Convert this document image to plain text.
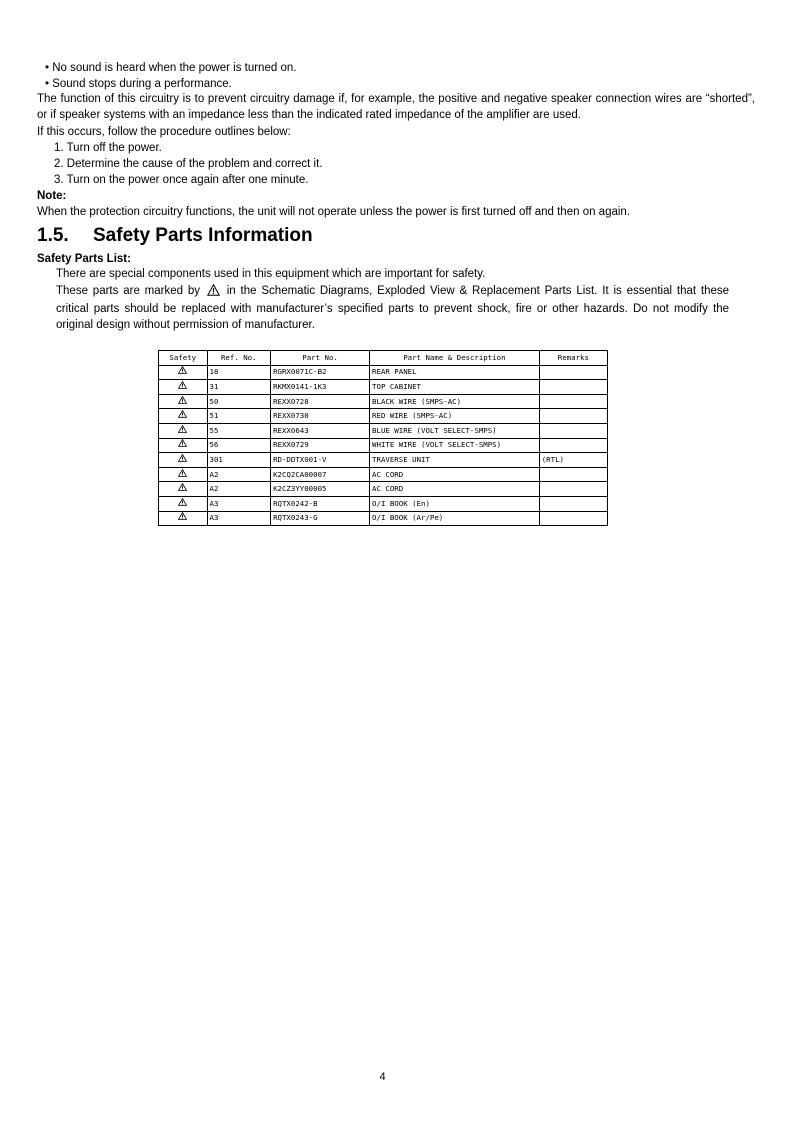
• No sound is heard when the power is turned on.
• Sound stops during a performance.
The function of this circuitry is to prevent circuitry damage if, for example, the positive and negative speaker connection wires are “shorted”, or if speaker systems with an impedance less than the indicated rated impedance of the amplifier are used.
If this occurs, follow the procedure outlines below:
1. Turn off the power.
2. Determine the cause of the problem and correct it.
3. Turn on the power once again after one minute.
Note:
When the protection circuitry functions, the unit will not operate unless the power is first turned off and then on again.
1.5. Safety Parts Information
Safety Parts List:
There are special components used in this equipment which are important for safety.
These parts are marked by in the Schematic Diagrams, Exploded View & Replacement Parts List. It is essential that these critical parts should be replaced with manufacturer’s specified parts to prevent shock, fire or other hazards. Do not modify the original design without permission of manufacturer.
Safety	Ref. No.	Part No.	Part Name & Description	Remarks
	18	RGRX0071C-B2	REAR PANEL	
	31	RKMX0141-1K3	TOP CABINET	
	50	REXX0728	BLACK WIRE (SMPS-AC)	
	51	REXX0730	RED WIRE (SMPS-AC)	
	55	REXX0643	BLUE WIRE (VOLT SELECT-SMPS)	
	56	REXX0729	WHITE WIRE (VOLT SELECT-SMPS)	
	301	RD-DDTX001-V	TRAVERSE UNIT	(RTL)
	A2	K2CQ2CA00007	AC CORD	
	A2	K2CZ3YY00005	AC CORD	
	A3	RQTX0242-B	O/I BOOK (En)	
	A3	RQTX0243-G	O/I BOOK (Ar/Pe)	
4
